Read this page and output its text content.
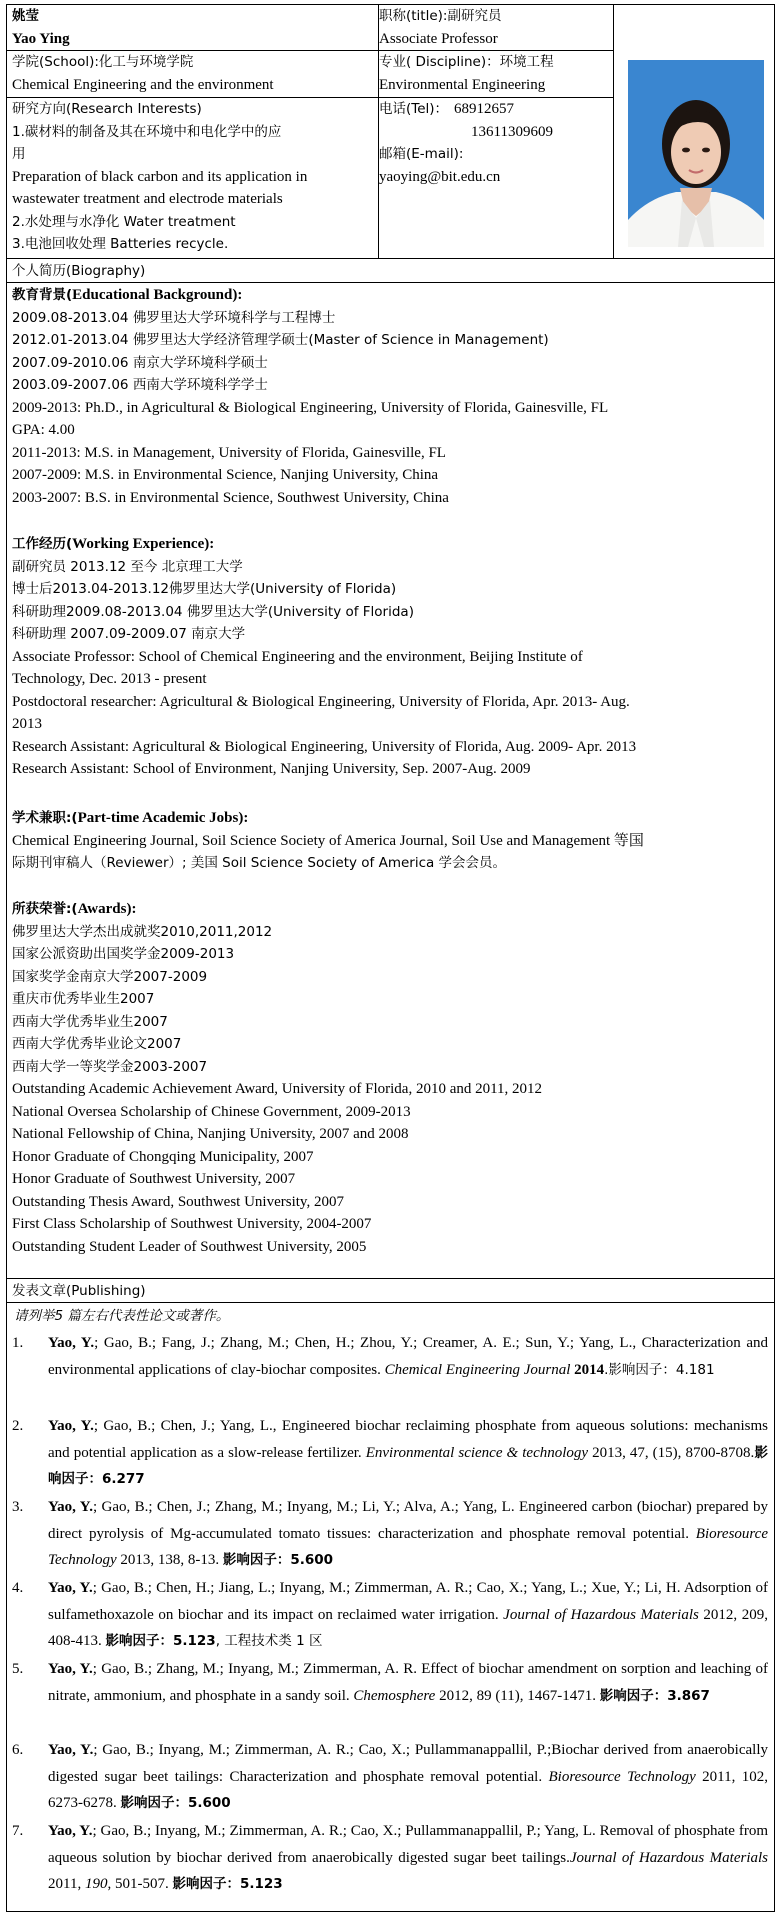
姚莹
Yao Ying
职称(title):副研究员
Associate Professor
学院(School):化工与环境学院
Chemical Engineering and the environment
专业( Discipline)：环境工程
Environmental Engineering
研究方向(Research Interests)
1.碳材料的制备及其在环境中和电化学中的应
用
Preparation of black carbon and its application in
wastewater treatment and electrode materials
2.水处理与水净化 Water treatment
3.电池回收处理 Batteries recycle.
电话(Tel)： 68912657
13611309609
邮箱(E-mail):
yaoying@bit.edu.cn
个人简历(Biography)
教育背景(Educational Background):
2009.08-2013.04 佛罗里达大学环境科学与工程博士
2012.01-2013.04 佛罗里达大学经济管理学硕士(Master of Science in Management)
2007.09-2010.06 南京大学环境科学硕士
2003.09-2007.06 西南大学环境科学学士
2009-2013: Ph.D., in Agricultural & Biological Engineering, University of Florida, Gainesville, FL
GPA: 4.00
2011-2013: M.S. in Management, University of Florida, Gainesville, FL
2007-2009: M.S. in Environmental Science, Nanjing University, China
2003-2007: B.S. in Environmental Science, Southwest University, China
工作经历(Working Experience):
副研究员 2013.12 至今 北京理工大学
博士后2013.04-2013.12佛罗里达大学(University of Florida)
科研助理2009.08-2013.04 佛罗里达大学(University of Florida)
科研助理 2007.09-2009.07 南京大学
Associate Professor: School of Chemical Engineering and the environment, Beijing Institute of
Technology, Dec. 2013 - present
Postdoctoral researcher: Agricultural & Biological Engineering, University of Florida, Apr. 2013- Aug.
2013
Research Assistant: Agricultural & Biological Engineering, University of Florida, Aug. 2009- Apr. 2013
Research Assistant: School of Environment, Nanjing University, Sep. 2007-Aug. 2009
学术兼职:(Part-time Academic Jobs):
Chemical Engineering Journal, Soil Science Society of America Journal, Soil Use and Management 等国
际期刊审稿人（Reviewer）; 美国 Soil Science Society of America 学会会员。
所获荣誉:(Awards):
佛罗里达大学杰出成就奖2010,2011,2012
国家公派资助出国奖学金2009-2013
国家奖学金南京大学2007-2009
重庆市优秀毕业生2007
西南大学优秀毕业生2007
西南大学优秀毕业论文2007
西南大学一等奖学金2003-2007
Outstanding Academic Achievement Award, University of Florida, 2010 and 2011, 2012
National Oversea Scholarship of Chinese Government, 2009-2013
National Fellowship of China, Nanjing University, 2007 and 2008
Honor Graduate of Chongqing Municipality, 2007
Honor Graduate of Southwest University, 2007
Outstanding Thesis Award, Southwest University, 2007
First Class Scholarship of Southwest University, 2004-2007
Outstanding Student Leader of Southwest University, 2005
发表文章(Publishing)
请列举5 篇左右代表性论文或著作。
1. Yao, Y.; Gao, B.; Fang, J.; Zhang, M.; Chen, H.; Zhou, Y.; Creamer, A. E.; Sun, Y.; Yang, L., Characterization and environmental applications of clay-biochar composites. Chemical Engineering Journal 2014.影响因子：4.181
2. Yao, Y.; Gao, B.; Chen, J.; Yang, L., Engineered biochar reclaiming phosphate from aqueous solutions: mechanisms and potential application as a slow-release fertilizer. Environmental science & technology 2013, 47, (15), 8700-8708.影响因子：6.277
3. Yao, Y.; Gao, B.; Chen, J.; Zhang, M.; Inyang, M.; Li, Y.; Alva, A.; Yang, L. Engineered carbon (biochar) prepared by direct pyrolysis of Mg-accumulated tomato tissues: characterization and phosphate removal potential. Bioresource Technology 2013, 138, 8-13. 影响因子：5.600
4. Yao, Y.; Gao, B.; Chen, H.; Jiang, L.; Inyang, M.; Zimmerman, A. R.; Cao, X.; Yang, L.; Xue, Y.; Li, H. Adsorption of sulfamethoxazole on biochar and its impact on reclaimed water irrigation. Journal of Hazardous Materials 2012, 209, 408-413. 影响因子：5.123, 工程技术类 1 区
5. Yao, Y.; Gao, B.; Zhang, M.; Inyang, M.; Zimmerman, A. R. Effect of biochar amendment on sorption and leaching of nitrate, ammonium, and phosphate in a sandy soil. Chemosphere 2012, 89 (11), 1467-1471. 影响因子：3.867
6. Yao, Y.; Gao, B.; Inyang, M.; Zimmerman, A. R.; Cao, X.; Pullammanappallil, P.;Biochar derived from anaerobically digested sugar beet tailings: Characterization and phosphate removal potential. Bioresource Technology 2011, 102, 6273-6278. 影响因子：5.600
7. Yao, Y.; Gao, B.; Inyang, M.; Zimmerman, A. R.; Cao, X.; Pullammanappallil, P.; Yang, L. Removal of phosphate from aqueous solution by biochar derived from anaerobically digested sugar beet tailings.Journal of Hazardous Materials 2011, 190, 501-507. 影响因子：5.123
